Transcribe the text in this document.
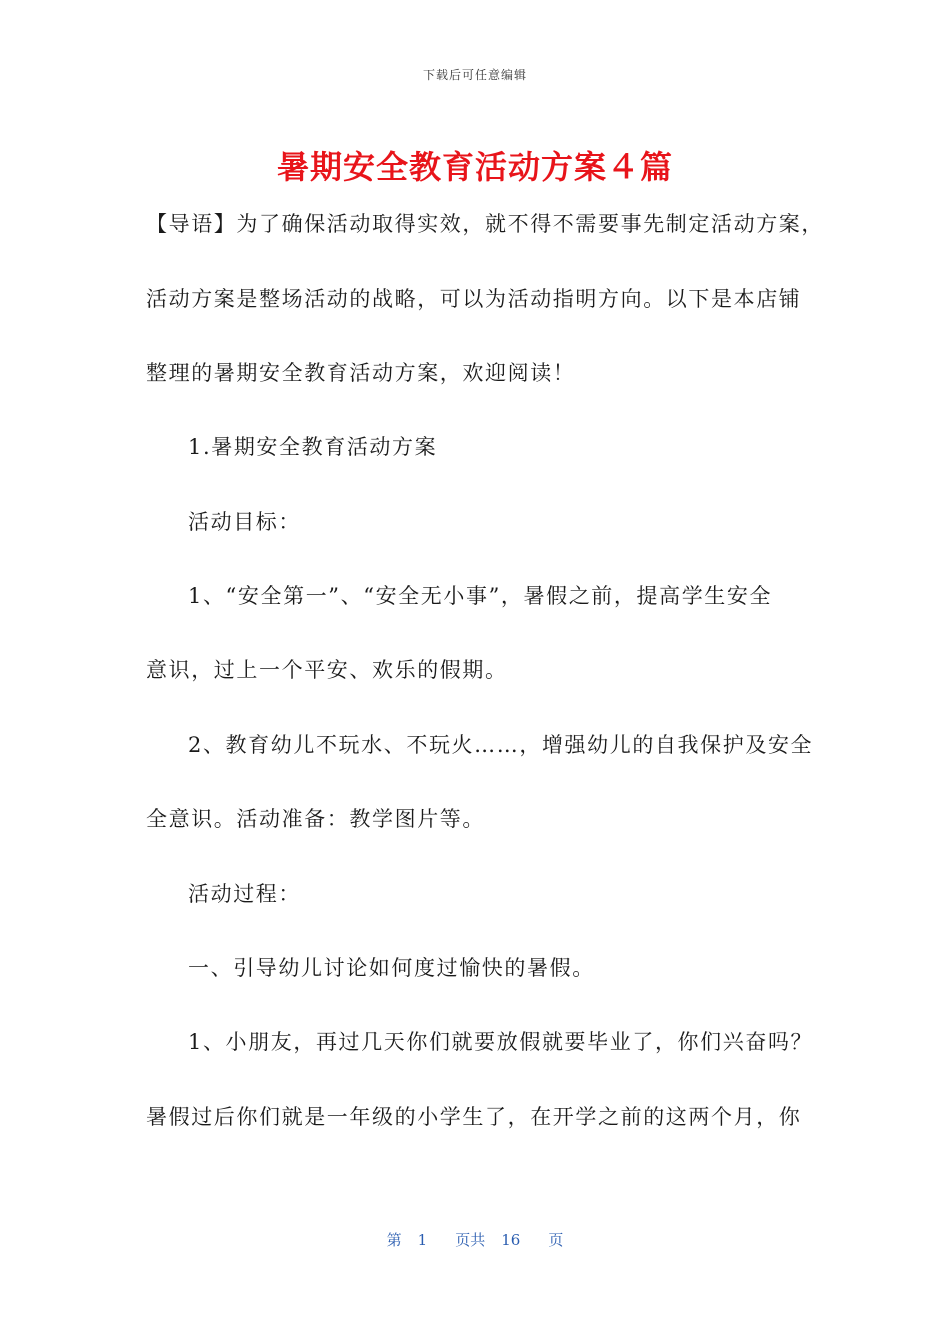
下载后可任意编辑
暑期安全教育活动方案４篇
【导语】为了确保活动取得实效，就不得不需要事先制定活动方案，
活动方案是整场活动的战略，可以为活动指明方向。以下是本店铺
整理的暑期安全教育活动方案，欢迎阅读！
1.暑期安全教育活动方案
活动目标：
1、“安全第一”、“安全无小事”，暑假之前，提高学生安全
意识，过上一个平安、欢乐的假期。
2、教育幼儿不玩水、不玩火……，增强幼儿的自我保护及安全
全意识。活动准备：教学图片等。
活动过程：
一、引导幼儿讨论如何度过愉快的暑假。
1、小朋友，再过几天你们就要放假就要毕业了，你们兴奋吗？
暑假过后你们就是一年级的小学生了，在开学之前的这两个月，你
第 1 页共 16 页
